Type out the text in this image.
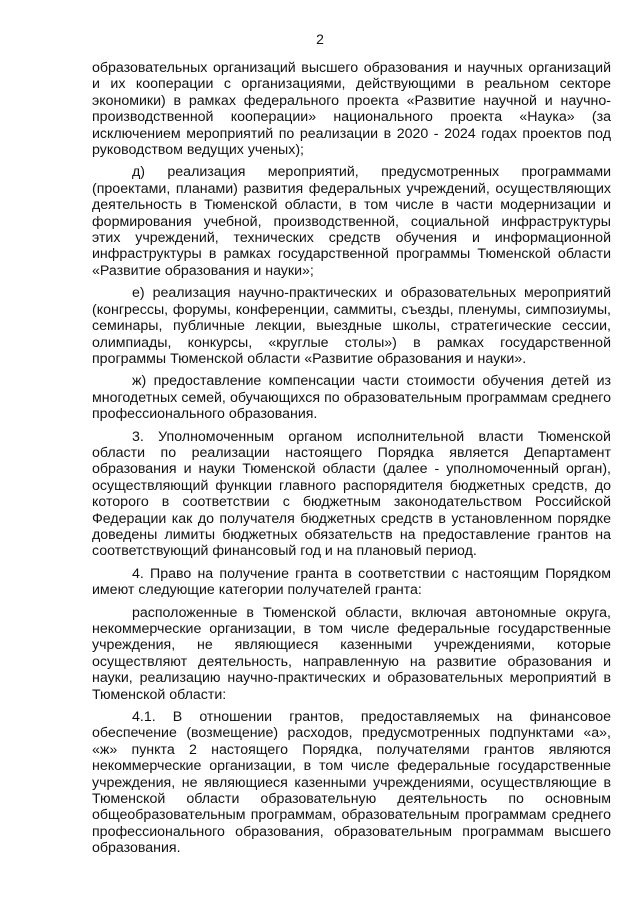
2

образовательных организаций высшего образования и научных организаций и их кооперации с организациями, действующими в реальном секторе экономики) в рамках федерального проекта «Развитие научной и научно-производственной кооперации» национального проекта «Наука» (за исключением мероприятий по реализации в 2020 - 2024 годах проектов под руководством ведущих ученых);

д) реализация мероприятий, предусмотренных программами (проектами, планами) развития федеральных учреждений, осуществляющих деятельность в Тюменской области, в том числе в части модернизации и формирования учебной, производственной, социальной инфраструктуры этих учреждений, технических средств обучения и информационной инфраструктуры в рамках государственной программы Тюменской области «Развитие образования и науки»;

е) реализация научно-практических и образовательных мероприятий (конгрессы, форумы, конференции, саммиты, съезды, пленумы, симпозиумы, семинары, публичные лекции, выездные школы, стратегические сессии, олимпиады, конкурсы, «круглые столы») в рамках государственной программы Тюменской области «Развитие образования и науки».

ж) предоставление компенсации части стоимости обучения детей из многодетных семей, обучающихся по образовательным программам среднего профессионального образования.

3. Уполномоченным органом исполнительной власти Тюменской области по реализации настоящего Порядка является Департамент образования и науки Тюменской области (далее - уполномоченный орган), осуществляющий функции главного распорядителя бюджетных средств, до которого в соответствии с бюджетным законодательством Российской Федерации как до получателя бюджетных средств в установленном порядке доведены лимиты бюджетных обязательств на предоставление грантов на соответствующий финансовый год и на плановый период.

4. Право на получение гранта в соответствии с настоящим Порядком имеют следующие категории получателей гранта:

расположенные в Тюменской области, включая автономные округа, некоммерческие организации, в том числе федеральные государственные учреждения, не являющиеся казенными учреждениями, которые осуществляют деятельность, направленную на развитие образования и науки, реализацию научно-практических и образовательных мероприятий в Тюменской области:

4.1. В отношении грантов, предоставляемых на финансовое обеспечение (возмещение) расходов, предусмотренных подпунктами «а», «ж» пункта 2 настоящего Порядка, получателями грантов являются некоммерческие организации, в том числе федеральные государственные учреждения, не являющиеся казенными учреждениями, осуществляющие в Тюменской области образовательную деятельность по основным общеобразовательным программам, образовательным программам среднего профессионального образования, образовательным программам высшего образования.
